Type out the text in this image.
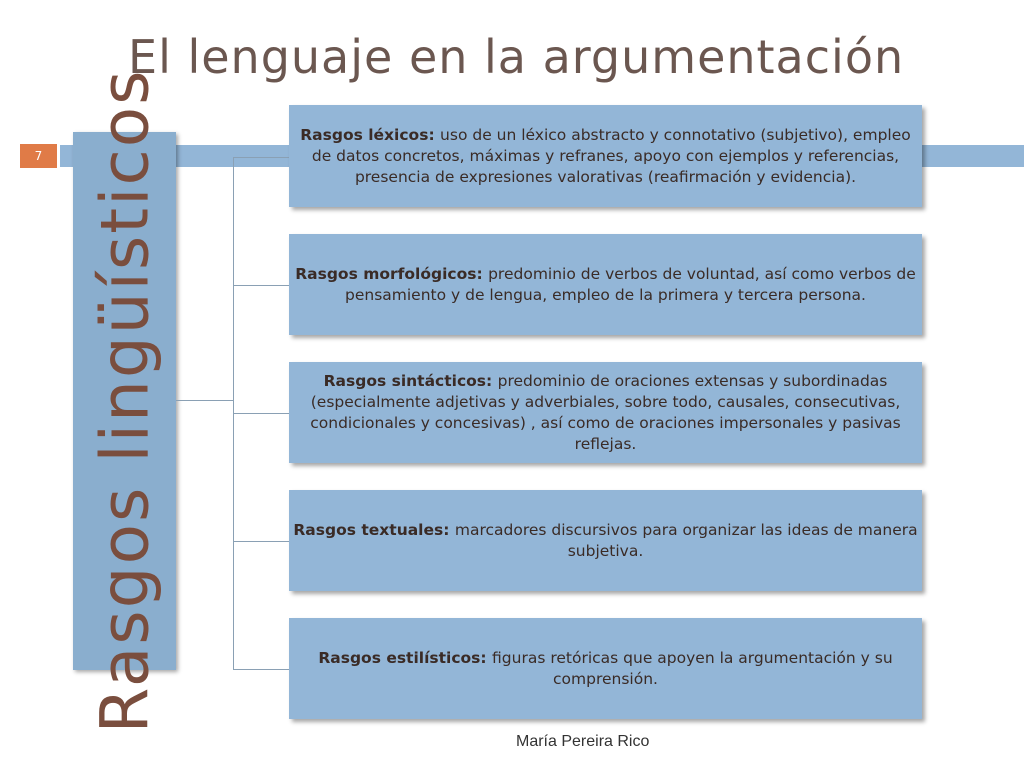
El lenguaje en la argumentación
7 Rasgos lingüísticos	Rasgos léxicos: uso de un léxico abstracto y connotativo (subjetivo), empleo de datos concretos, máximas y refranes, apoyo con ejemplos y referencias, presencia de expresiones valorativas (reafirmación y evidencia).
Rasgos morfológicos: predominio de verbos de voluntad, así como verbos de pensamiento y de lengua, empleo de la primera y tercera persona.
Rasgos sintácticos: predominio de oraciones extensas y subordinadas (especialmente adjetivas y adverbiales, sobre todo, causales, consecutivas, condicionales y concesivas) , así como de oraciones impersonales y pasivas reflejas.
Rasgos textuales: marcadores discursivos para organizar las ideas de manera subjetiva.
Rasgos estilísticos: figuras retóricas que apoyen la argumentación y su comprensión.
María Pereira Rico
